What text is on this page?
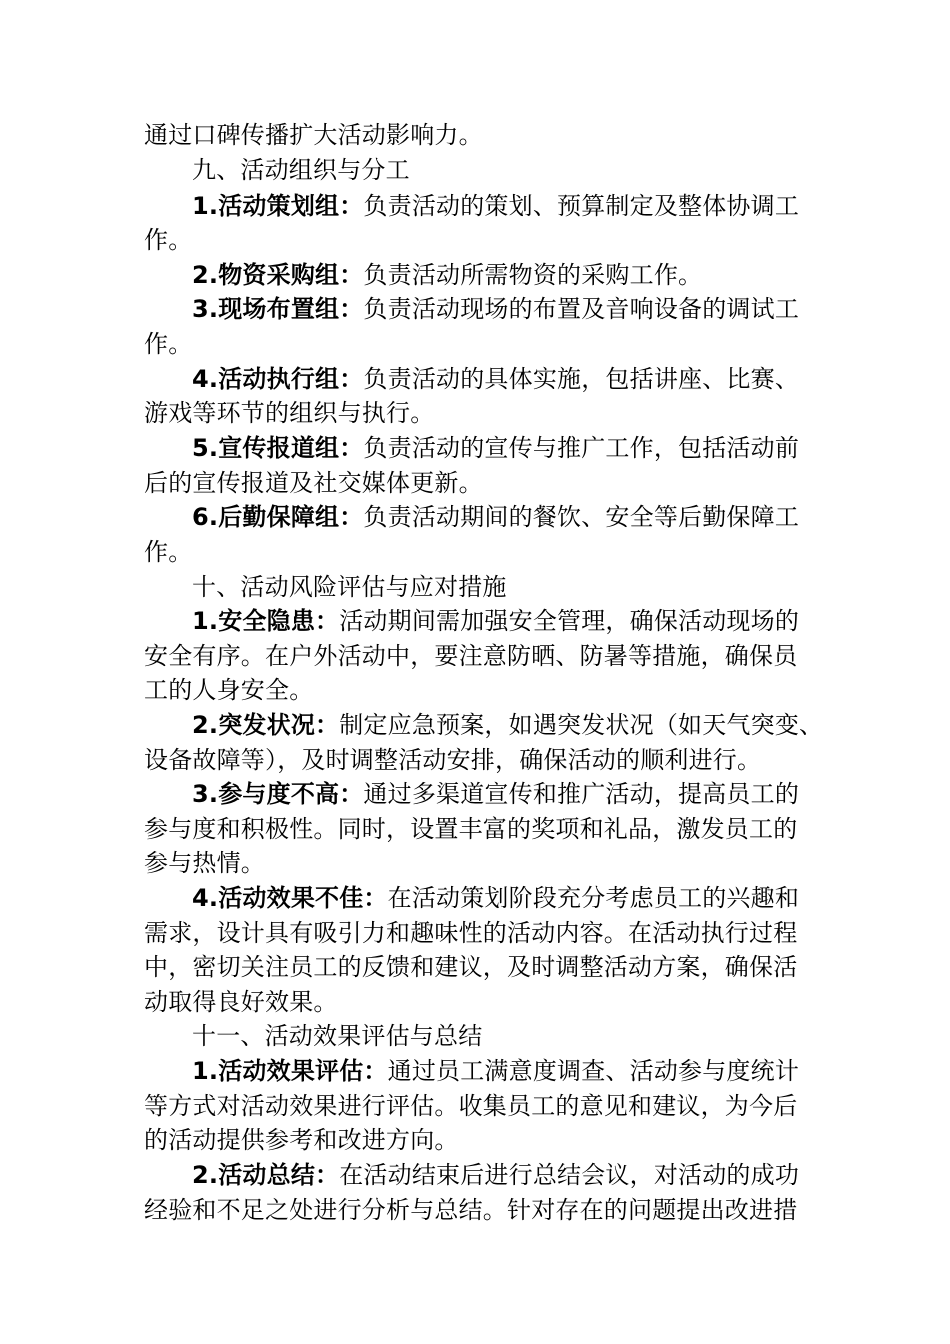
通过口碑传播扩大活动影响力。
九、活动组织与分工
1.活动策划组：负责活动的策划、预算制定及整体协调工
作。
2.物资采购组：负责活动所需物资的采购工作。
3.现场布置组：负责活动现场的布置及音响设备的调试工
作。
4.活动执行组：负责活动的具体实施，包括讲座、比赛、
游戏等环节的组织与执行。
5.宣传报道组：负责活动的宣传与推广工作，包括活动前
后的宣传报道及社交媒体更新。
6.后勤保障组：负责活动期间的餐饮、安全等后勤保障工
作。
十、活动风险评估与应对措施
1.安全隐患：活动期间需加强安全管理，确保活动现场的
安全有序。在户外活动中，要注意防晒、防暑等措施，确保员
工的人身安全。
2.突发状况：制定应急预案，如遇突发状况（如天气突变、
设备故障等），及时调整活动安排，确保活动的顺利进行。
3.参与度不高：通过多渠道宣传和推广活动，提高员工的
参与度和积极性。同时，设置丰富的奖项和礼品，激发员工的
参与热情。
4.活动效果不佳：在活动策划阶段充分考虑员工的兴趣和
需求，设计具有吸引力和趣味性的活动内容。在活动执行过程
中，密切关注员工的反馈和建议，及时调整活动方案，确保活
动取得良好效果。
十一、活动效果评估与总结
1.活动效果评估：通过员工满意度调查、活动参与度统计
等方式对活动效果进行评估。收集员工的意见和建议，为今后
的活动提供参考和改进方向。
2.活动总结：在活动结束后进行总结会议，对活动的成功
经验和不足之处进行分析与总结。针对存在的问题提出改进措
